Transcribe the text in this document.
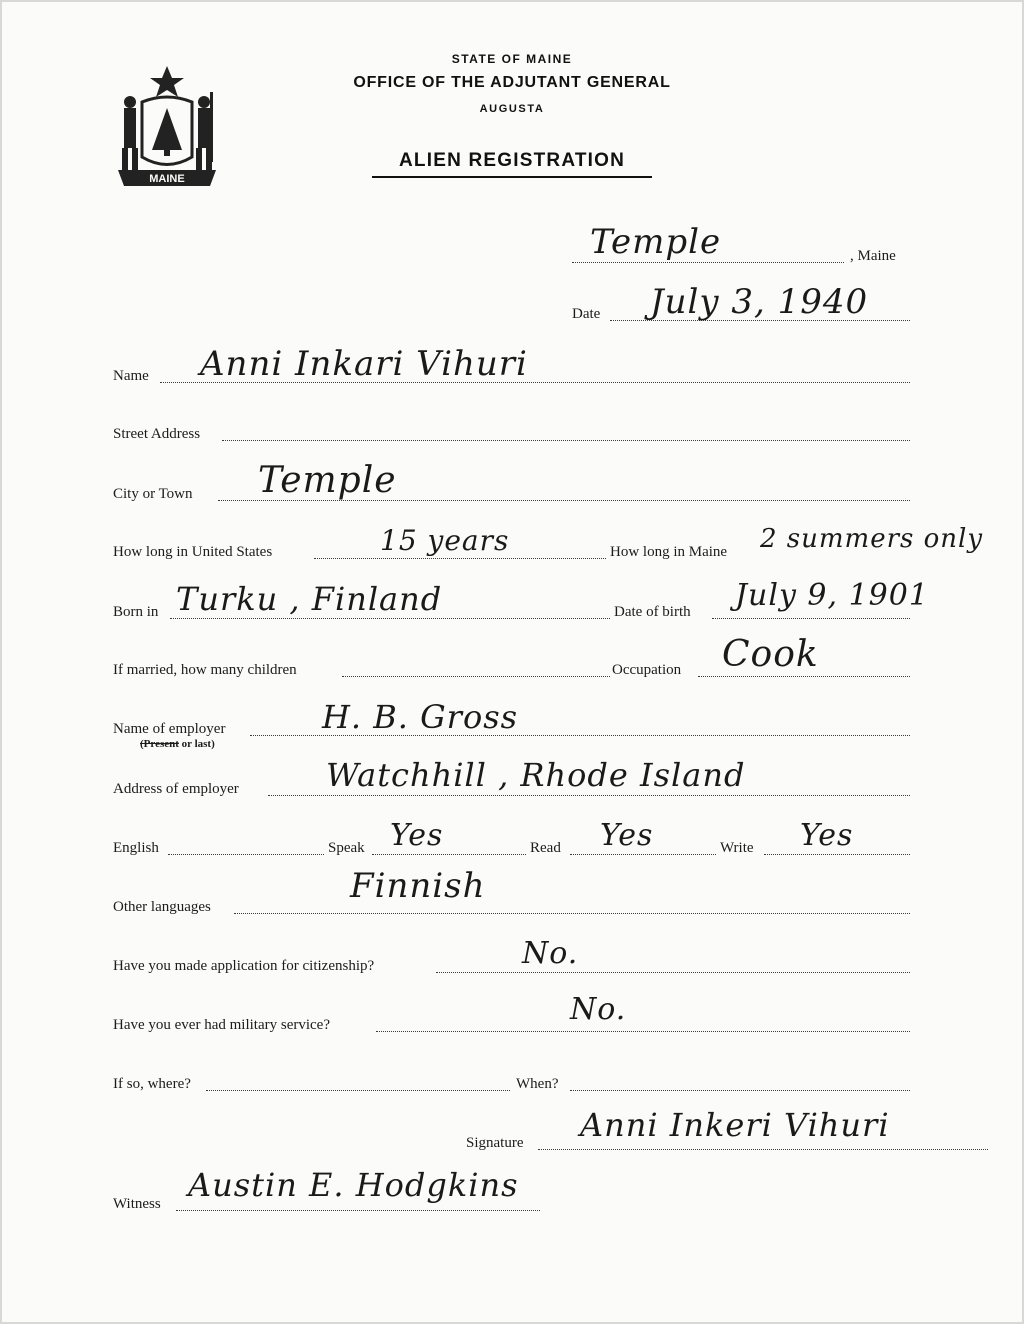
MAINE
STATE OF MAINE
OFFICE OF THE ADJUTANT GENERAL
AUGUSTA
ALIEN REGISTRATION
Temple	, Maine
Date July 3, 1940
Name Anni Inkari Vihuri
Street Address
City or Town Temple
How long in United States	15 years	How long in Maine 2 summers only
Born in Turku , Finland	Date of birth July 9, 1901
If married, how many children	Occupation Cook
Name of employer
(Present or last)
H. B. Gross
Address of employer	Watchhill , Rhode Island
English	Speak Yes	Read Yes	Write Yes
Other languages
Finnish
Have you made application for citizenship?	No.
Have you ever had military service?	No.
If so, where?	When?
Signature Anni Inkeri Vihuri
Witness Austin E. Hodgkins
